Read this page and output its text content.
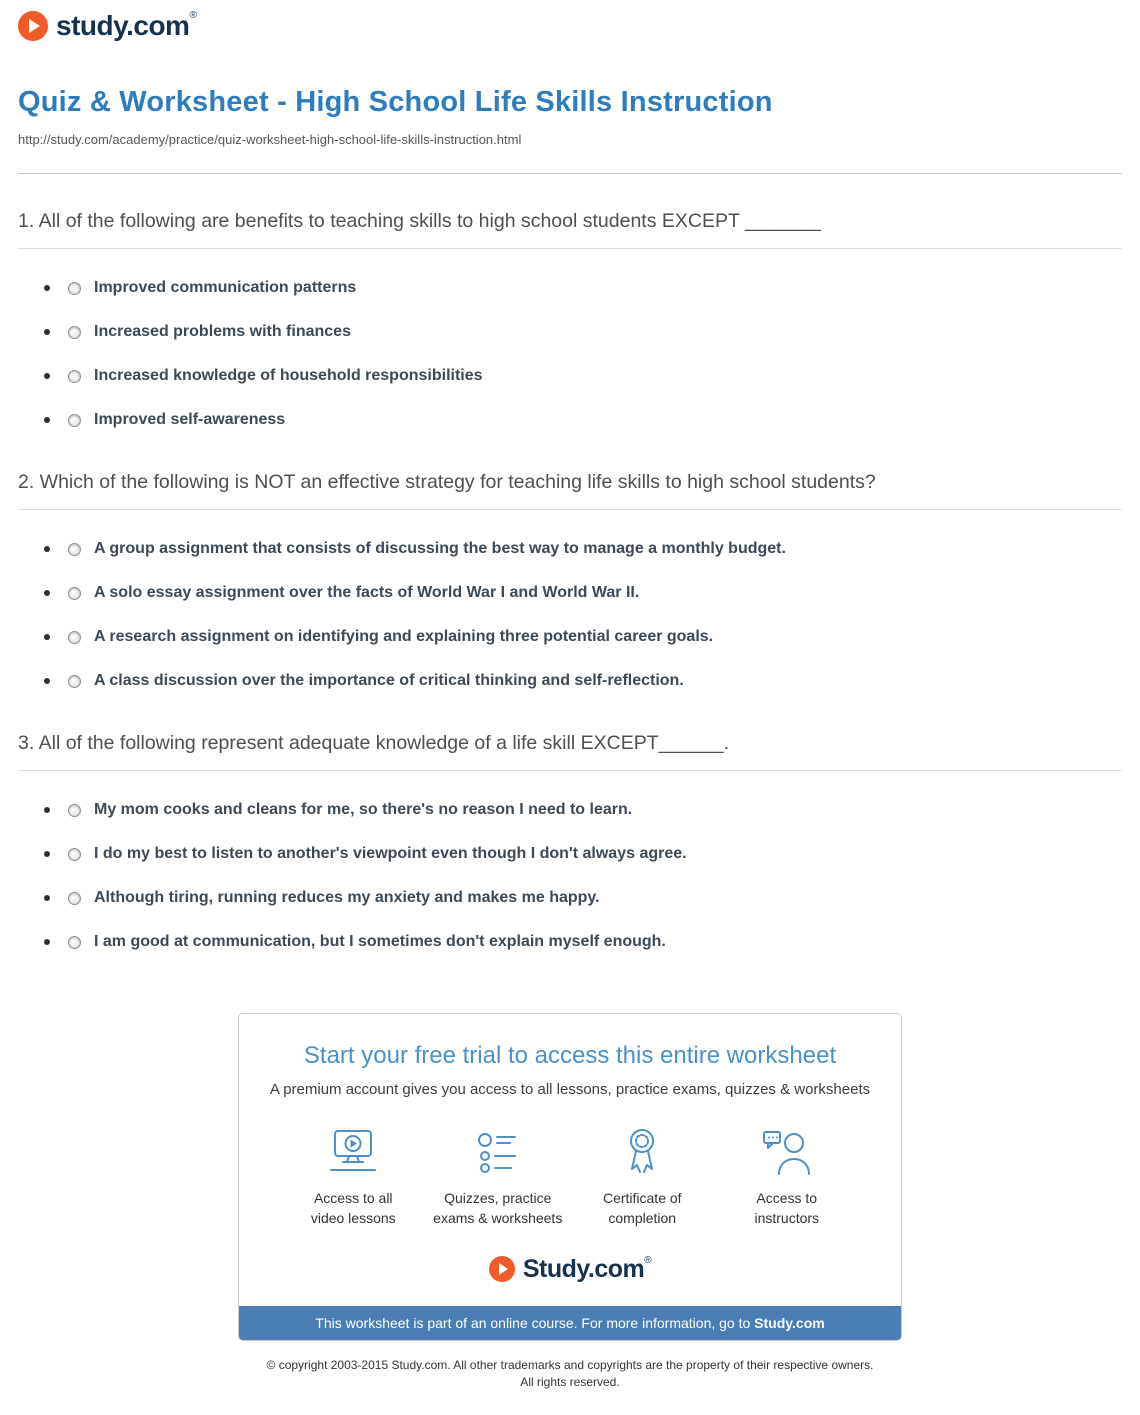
study.com®
Quiz & Worksheet - High School Life Skills Instruction
http://study.com/academy/practice/quiz-worksheet-high-school-life-skills-instruction.html
1. All of the following are benefits to teaching skills to high school students EXCEPT _______
Improved communication patterns
Increased problems with finances
Increased knowledge of household responsibilities
Improved self-awareness
2. Which of the following is NOT an effective strategy for teaching life skills to high school students?
A group assignment that consists of discussing the best way to manage a monthly budget.
A solo essay assignment over the facts of World War I and World War II.
A research assignment on identifying and explaining three potential career goals.
A class discussion over the importance of critical thinking and self-reflection.
3. All of the following represent adequate knowledge of a life skill EXCEPT______.
My mom cooks and cleans for me, so there's no reason I need to learn.
I do my best to listen to another's viewpoint even though I don't always agree.
Although tiring, running reduces my anxiety and makes me happy.
I am good at communication, but I sometimes don't explain myself enough.
Start your free trial to access this entire worksheet
A premium account gives you access to all lessons, practice exams, quizzes & worksheets
Access to all
video lessons
Quizzes, practice
exams & worksheets
Certificate of
completion
Access to
instructors
Study.com®
This worksheet is part of an online course. For more information, go to Study.com
© copyright 2003-2015 Study.com. All other trademarks and copyrights are the property of their respective owners.
All rights reserved.
